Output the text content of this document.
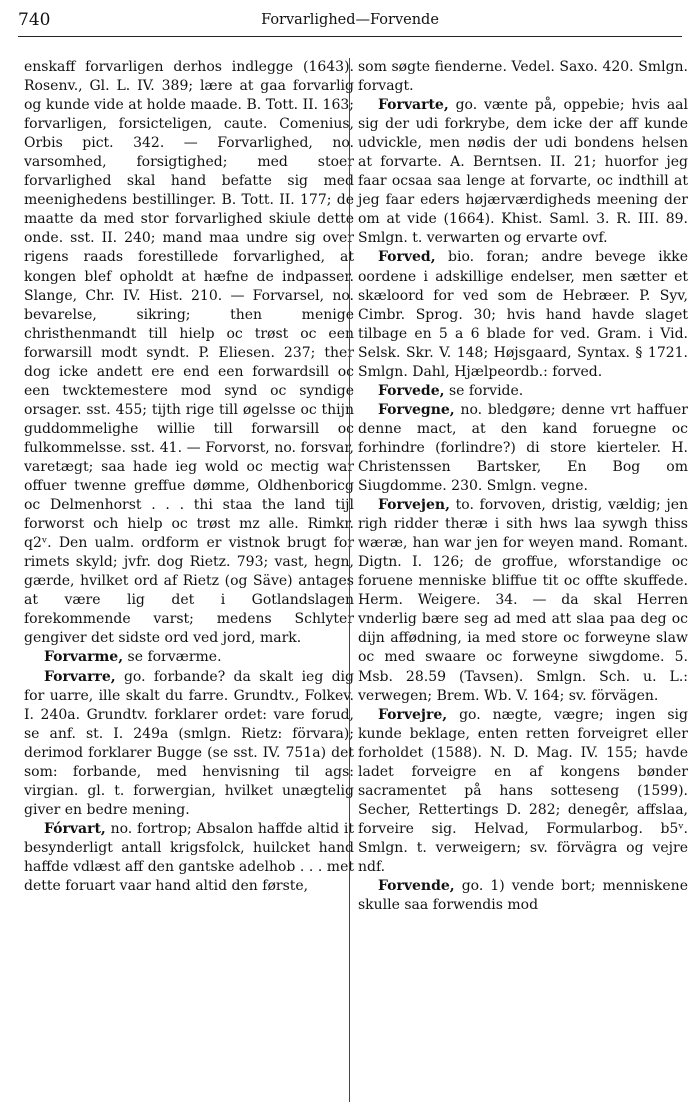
740	Forvarlighed—Forvende

enskaff forvarligen derhos indlegge (1643). Rosenv., Gl. L. IV. 389; lære at gaa forvarlig og kunde vide at holde maade. B. Tott. II. 163; forvarligen, forsicteligen, caute. Comenius, Orbis pict. 342. — Forvarlighed, no. varsomhed, forsigtighed; med stoer forvarlighed skal hand befatte sig med meenighedens bestillinger. B. Tott. II. 177; de maatte da med stor forvarlighed skiule dette onde. sst. II. 240; mand maa undre sig over rigens raads forestillede forvarlighed, at kongen blef opholdt at hæfne de indpasser. Slange, Chr. IV. Hist. 210. — Forvarsel, no. bevarelse, sikring; then menige christhenmandt till hielp oc trøst oc een forwarsill modt syndt. P. Eliesen. 237; ther dog icke andett ere end een forwardsill oc een twcktemestere mod synd oc syndige orsager. sst. 455; tijth rige till øgelsse oc thijn guddommelighe willie till forwarsill oc fulkommelsse. sst. 41. — Forvorst, no. forsvar, varetægt; saa hade ieg wold oc mectig war offuer twenne greffue dømme, Oldhenboricg oc Delmenhorst . . . thi staa the land tijl forworst och hielp oc trøst mz alle. Rimkr. q2ᵛ. Den ualm. ordform er vistnok brugt for rimets skyld; jvfr. dog Rietz. 793; vast, hegn, gærde, hvilket ord af Rietz (og Säve) antages at være lig det i Gotlandslagen forekommende varst; medens Schlyter gengiver det sidste ord ved jord, mark.

Forvarme, se forværme.

Forvarre, go. forbande? da skalt ieg dig for uarre, ille skalt du farre. Grundtv., Folkev. I. 240a. Grundtv. forklarer ordet: vare forud, se anf. st. I. 249a (smlgn. Rietz: förvara); derimod forklarer Bugge (se sst. IV. 751a) det som: forbande, med henvisning til ags: virgian. gl. t. forwergian, hvilket unægtelig giver en bedre mening.

Fórvart, no. fortrop; Absalon haffde altid it besynderligt antall krigsfolck, huilcket hand haffde vdlæst aff den gantske adelhob . . . met dette foruart vaar hand altid den første,

som søgte fienderne. Vedel. Saxo. 420. Smlgn. forvagt.

Forvarte, go. vænte på, oppebie; hvis aal sig der udi forkrybe, dem icke der aff kunde udvickle, men nødis der udi bondens helsen at forvarte. A. Berntsen. II. 21; huorfor jeg faar ocsaa saa lenge at forvarte, oc indthill at jeg faar eders højærværdigheds meening der om at vide (1664). Khist. Saml. 3. R. III. 89. Smlgn. t. verwarten og ervarte ovf.

Forved, bio. foran; andre bevege ikke oordene i adskillige endelser, men sætter et skæloord for ved som de Hebræer. P. Syv, Cimbr. Sprog. 30; hvis hand havde slaget tilbage en 5 a 6 blade for ved. Gram. i Vid. Selsk. Skr. V. 148; Højsgaard, Syntax. § 1721. Smlgn. Dahl, Hjælpeordb.: forved.

Forvede, se forvide.

Forvegne, no. bledgøre; denne vrt haffuer denne mact, at den kand foruegne oc forhindre (forlindre?) di store kierteler. H. Christenssen Bartsker, En Bog om Siugdomme. 230. Smlgn. vegne.

Forvejen, to. forvoven, dristig, vældig; jen righ ridder theræ i sith hws laa sywgh thiss wæræ, han war jen for weyen mand. Romant. Digtn. I. 126; de groffue, wforstandige oc foruene menniske bliffue tit oc offte skuffede. Herm. Weigere. 34. — da skal Herren vnderlig bære seg ad med att slaa paa deg oc dijn affødning, ia med store oc forweyne slaw oc med swaare oc forweyne siwgdome. 5. Msb. 28.59 (Tavsen). Smlgn. Sch. u. L.: verwegen; Brem. Wb. V. 164; sv. förvägen.

Forvejre, go. nægte, vægre; ingen sig kunde beklage, enten retten forveigret eller forholdet (1588). N. D. Mag. IV. 155; havde ladet forveigre en af kongens bønder sacramentet på hans sotteseng (1599). Secher, Rettertings D. 282; denegêr, affslaa, forveire sig. Helvad, Formularbog. b5ᵛ. Smlgn. t. verweigern; sv. förvägra og vejre ndf.

Forvende, go. 1) vende bort; menniskene skulle saa forwendis mod
